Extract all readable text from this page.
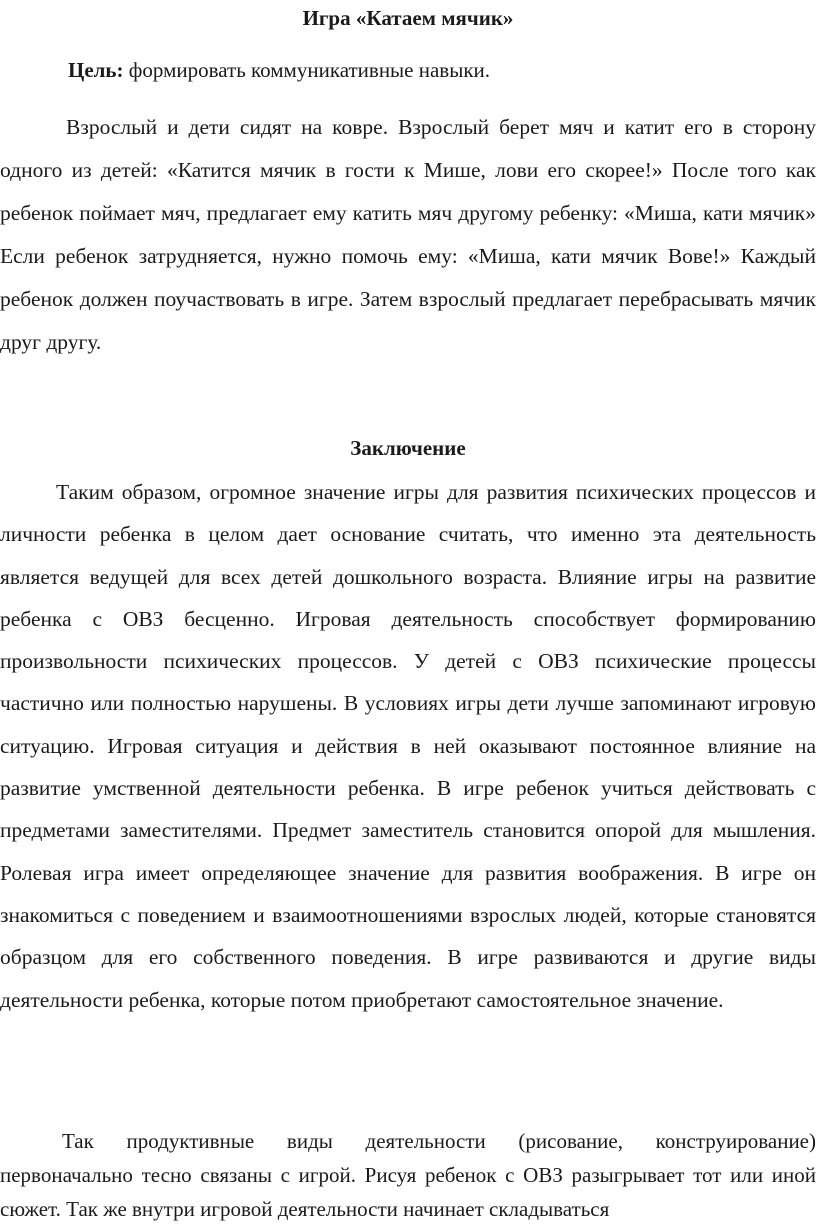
Игра «Катаем мячик»
Цель: формировать коммуникативные навыки.

Взрослый и дети сидят на ковре. Взрослый берет мяч и катит его в сторону одного из детей: «Катится мячик в гости к Мише, лови его скорее!» После того как ребенок поймает мяч, предлагает ему катить мяч другому ребенку: «Миша, кати мячик» Если ребенок затрудняется, нужно помочь ему: «Миша, кати мячик Вове!» Каждый ребенок должен поучаствовать в игре. Затем взрослый предлагает перебрасывать мячик друг другу.

Заключение

Таким образом, огромное значение игры для развития психических процессов и личности ребенка в целом дает основание считать, что именно эта деятельность является ведущей для всех детей дошкольного возраста. Влияние игры на развитие ребенка с ОВЗ бесценно. Игровая деятельность способствует формированию произвольности психических процессов. У детей с ОВЗ психические процессы частично или полностью нарушены. В условиях игры дети лучше запоминают игровую ситуацию. Игровая ситуация и действия в ней оказывают постоянное влияние на развитие умственной деятельности ребенка. В игре ребенок учиться действовать с предметами заместителями. Предмет заместитель становится опорой для мышления. Ролевая игра имеет определяющее значение для развития воображения. В игре он знакомиться с поведением и взаимоотношениями взрослых людей, которые становятся образцом для его собственного поведения. В игре развиваются и другие виды деятельности ребенка, которые потом приобретают самостоятельное значение.

Так продуктивные виды деятельности (рисование, конструирование) первоначально тесно связаны с игрой. Рисуя ребенок с ОВЗ разыгрывает тот или иной сюжет. Так же внутри игровой деятельности начинает складываться
